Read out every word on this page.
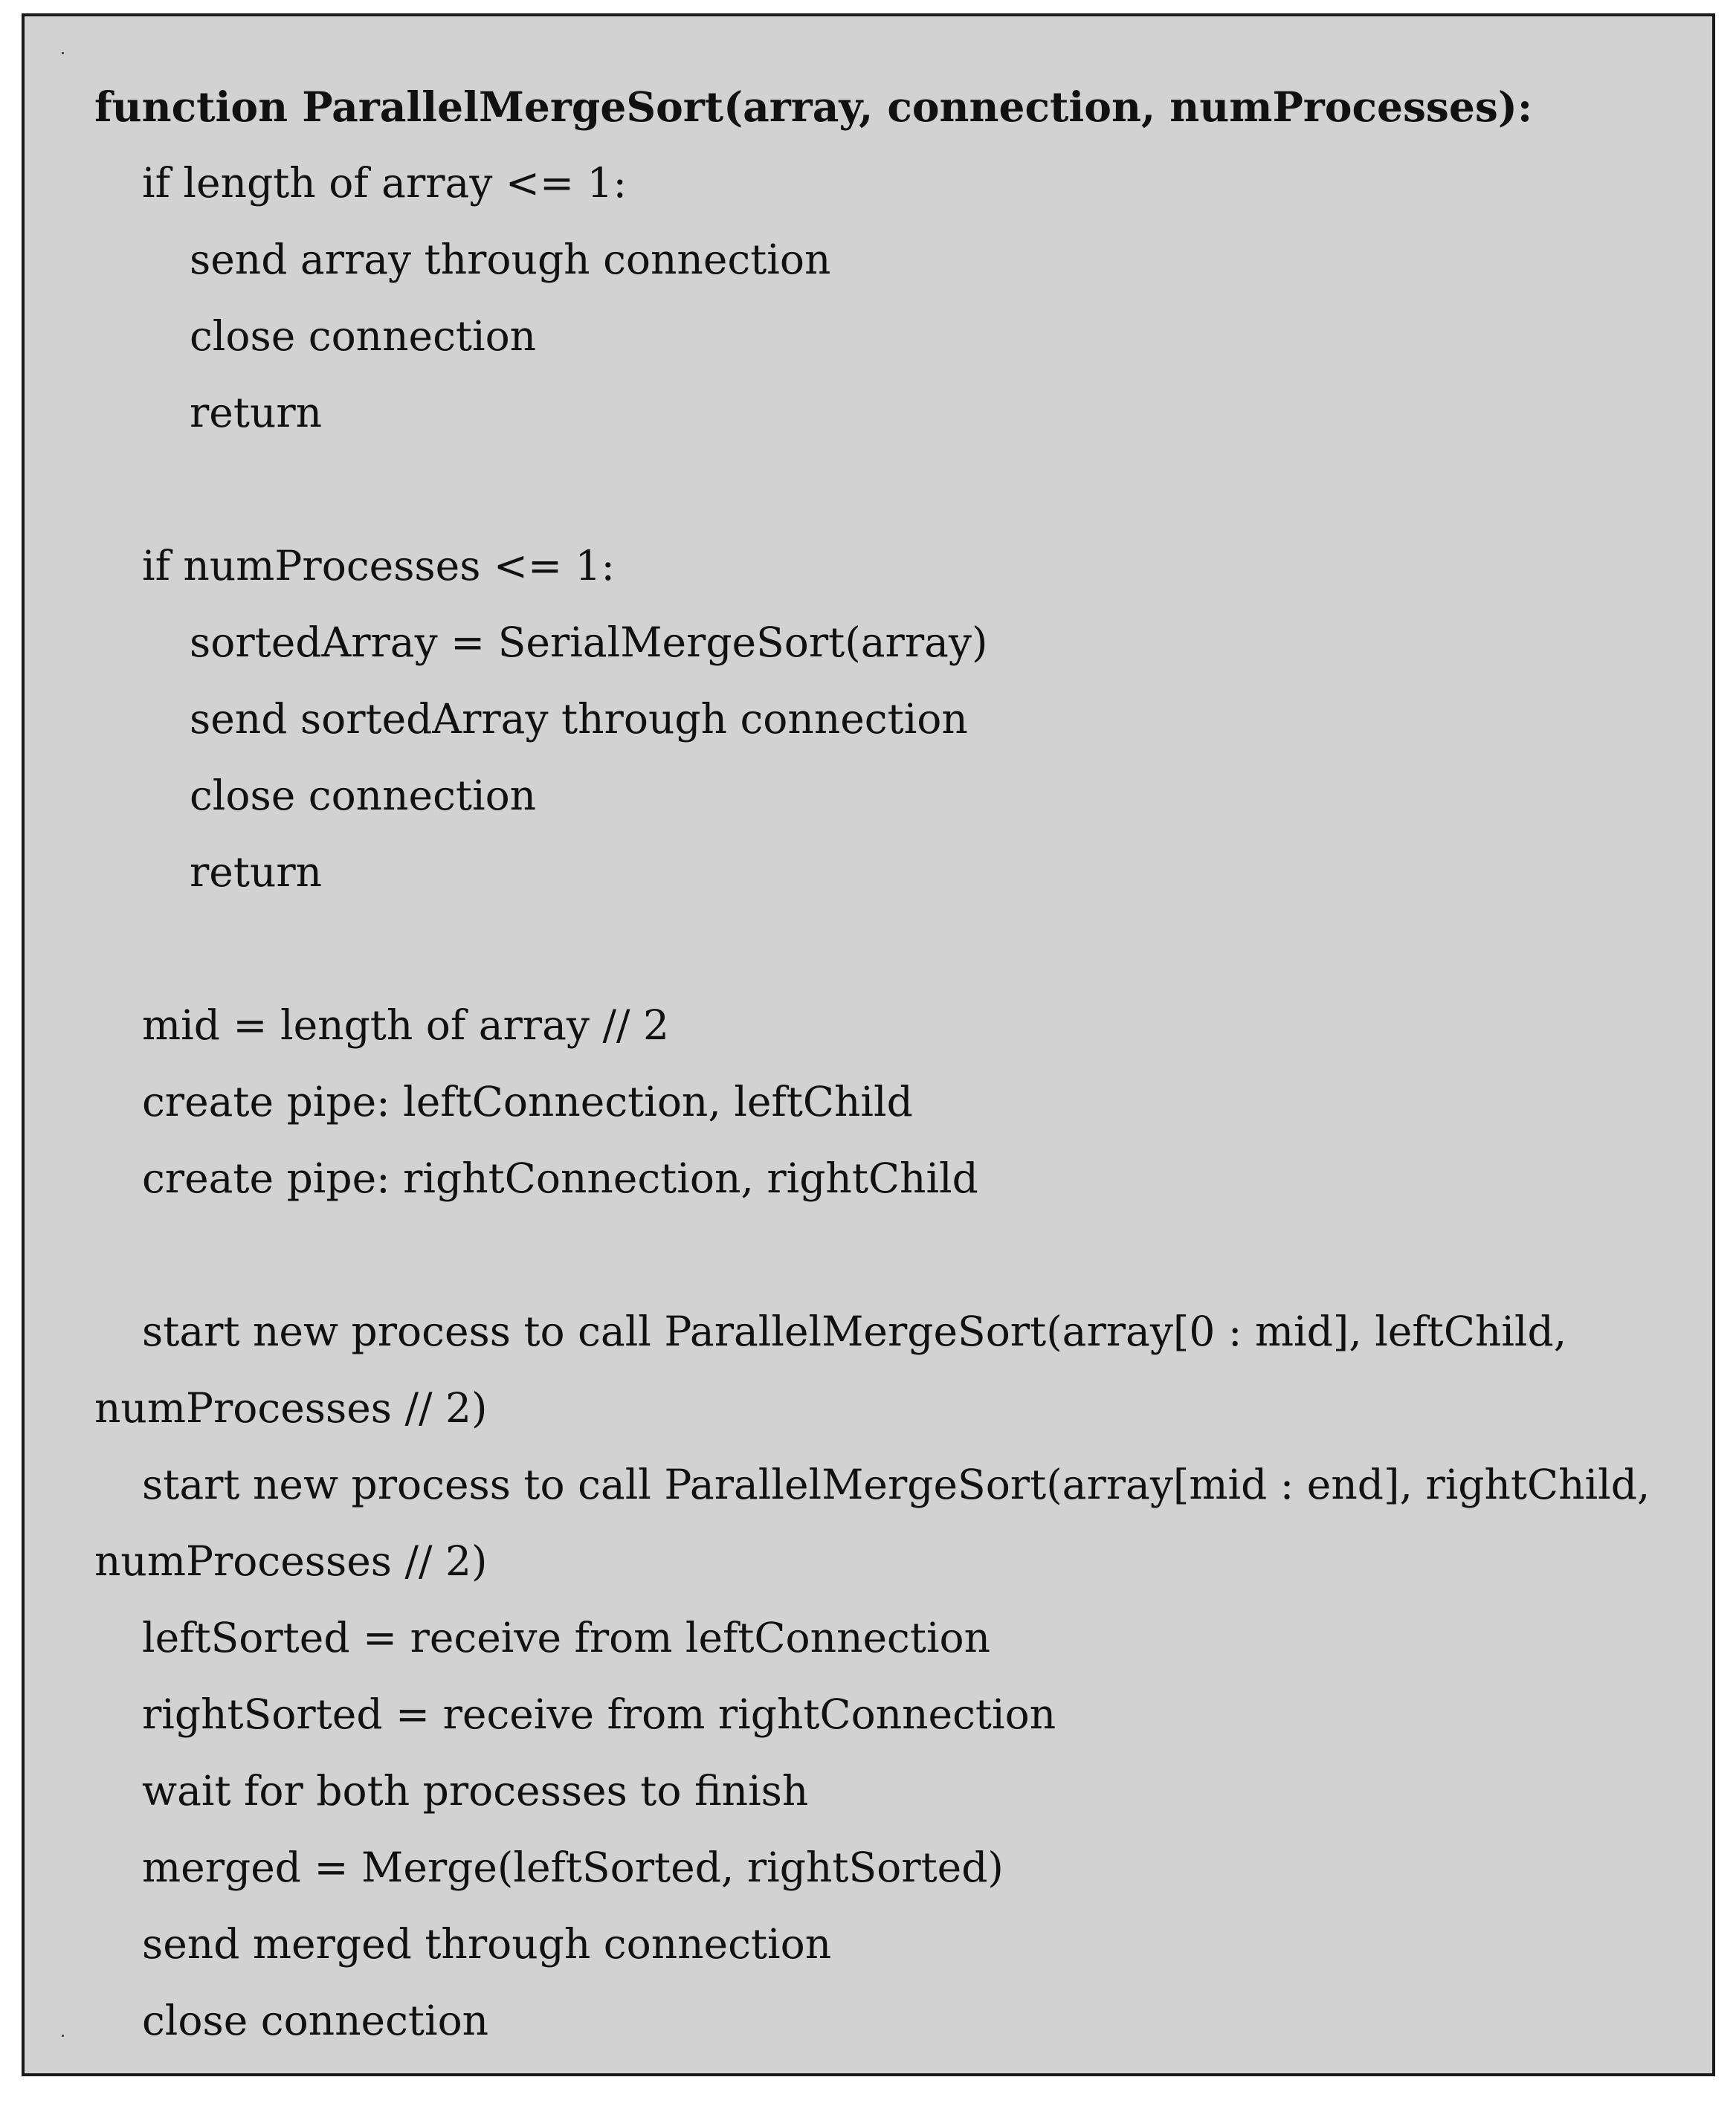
function ParallelMergeSort(array, connection, numProcesses):
if length of array <= 1:
send array through connection
close connection
return
if numProcesses <= 1:
sortedArray = SerialMergeSort(array)
send sortedArray through connection
close connection
return
mid = length of array // 2
create pipe: leftConnection, leftChild
create pipe: rightConnection, rightChild
start new process to call ParallelMergeSort(array[0 : mid], leftChild,
numProcesses // 2)
start new process to call ParallelMergeSort(array[mid : end], rightChild,
numProcesses // 2)
leftSorted = receive from leftConnection
rightSorted = receive from rightConnection
wait for both processes to finish
merged = Merge(leftSorted, rightSorted)
send merged through connection
close connection
